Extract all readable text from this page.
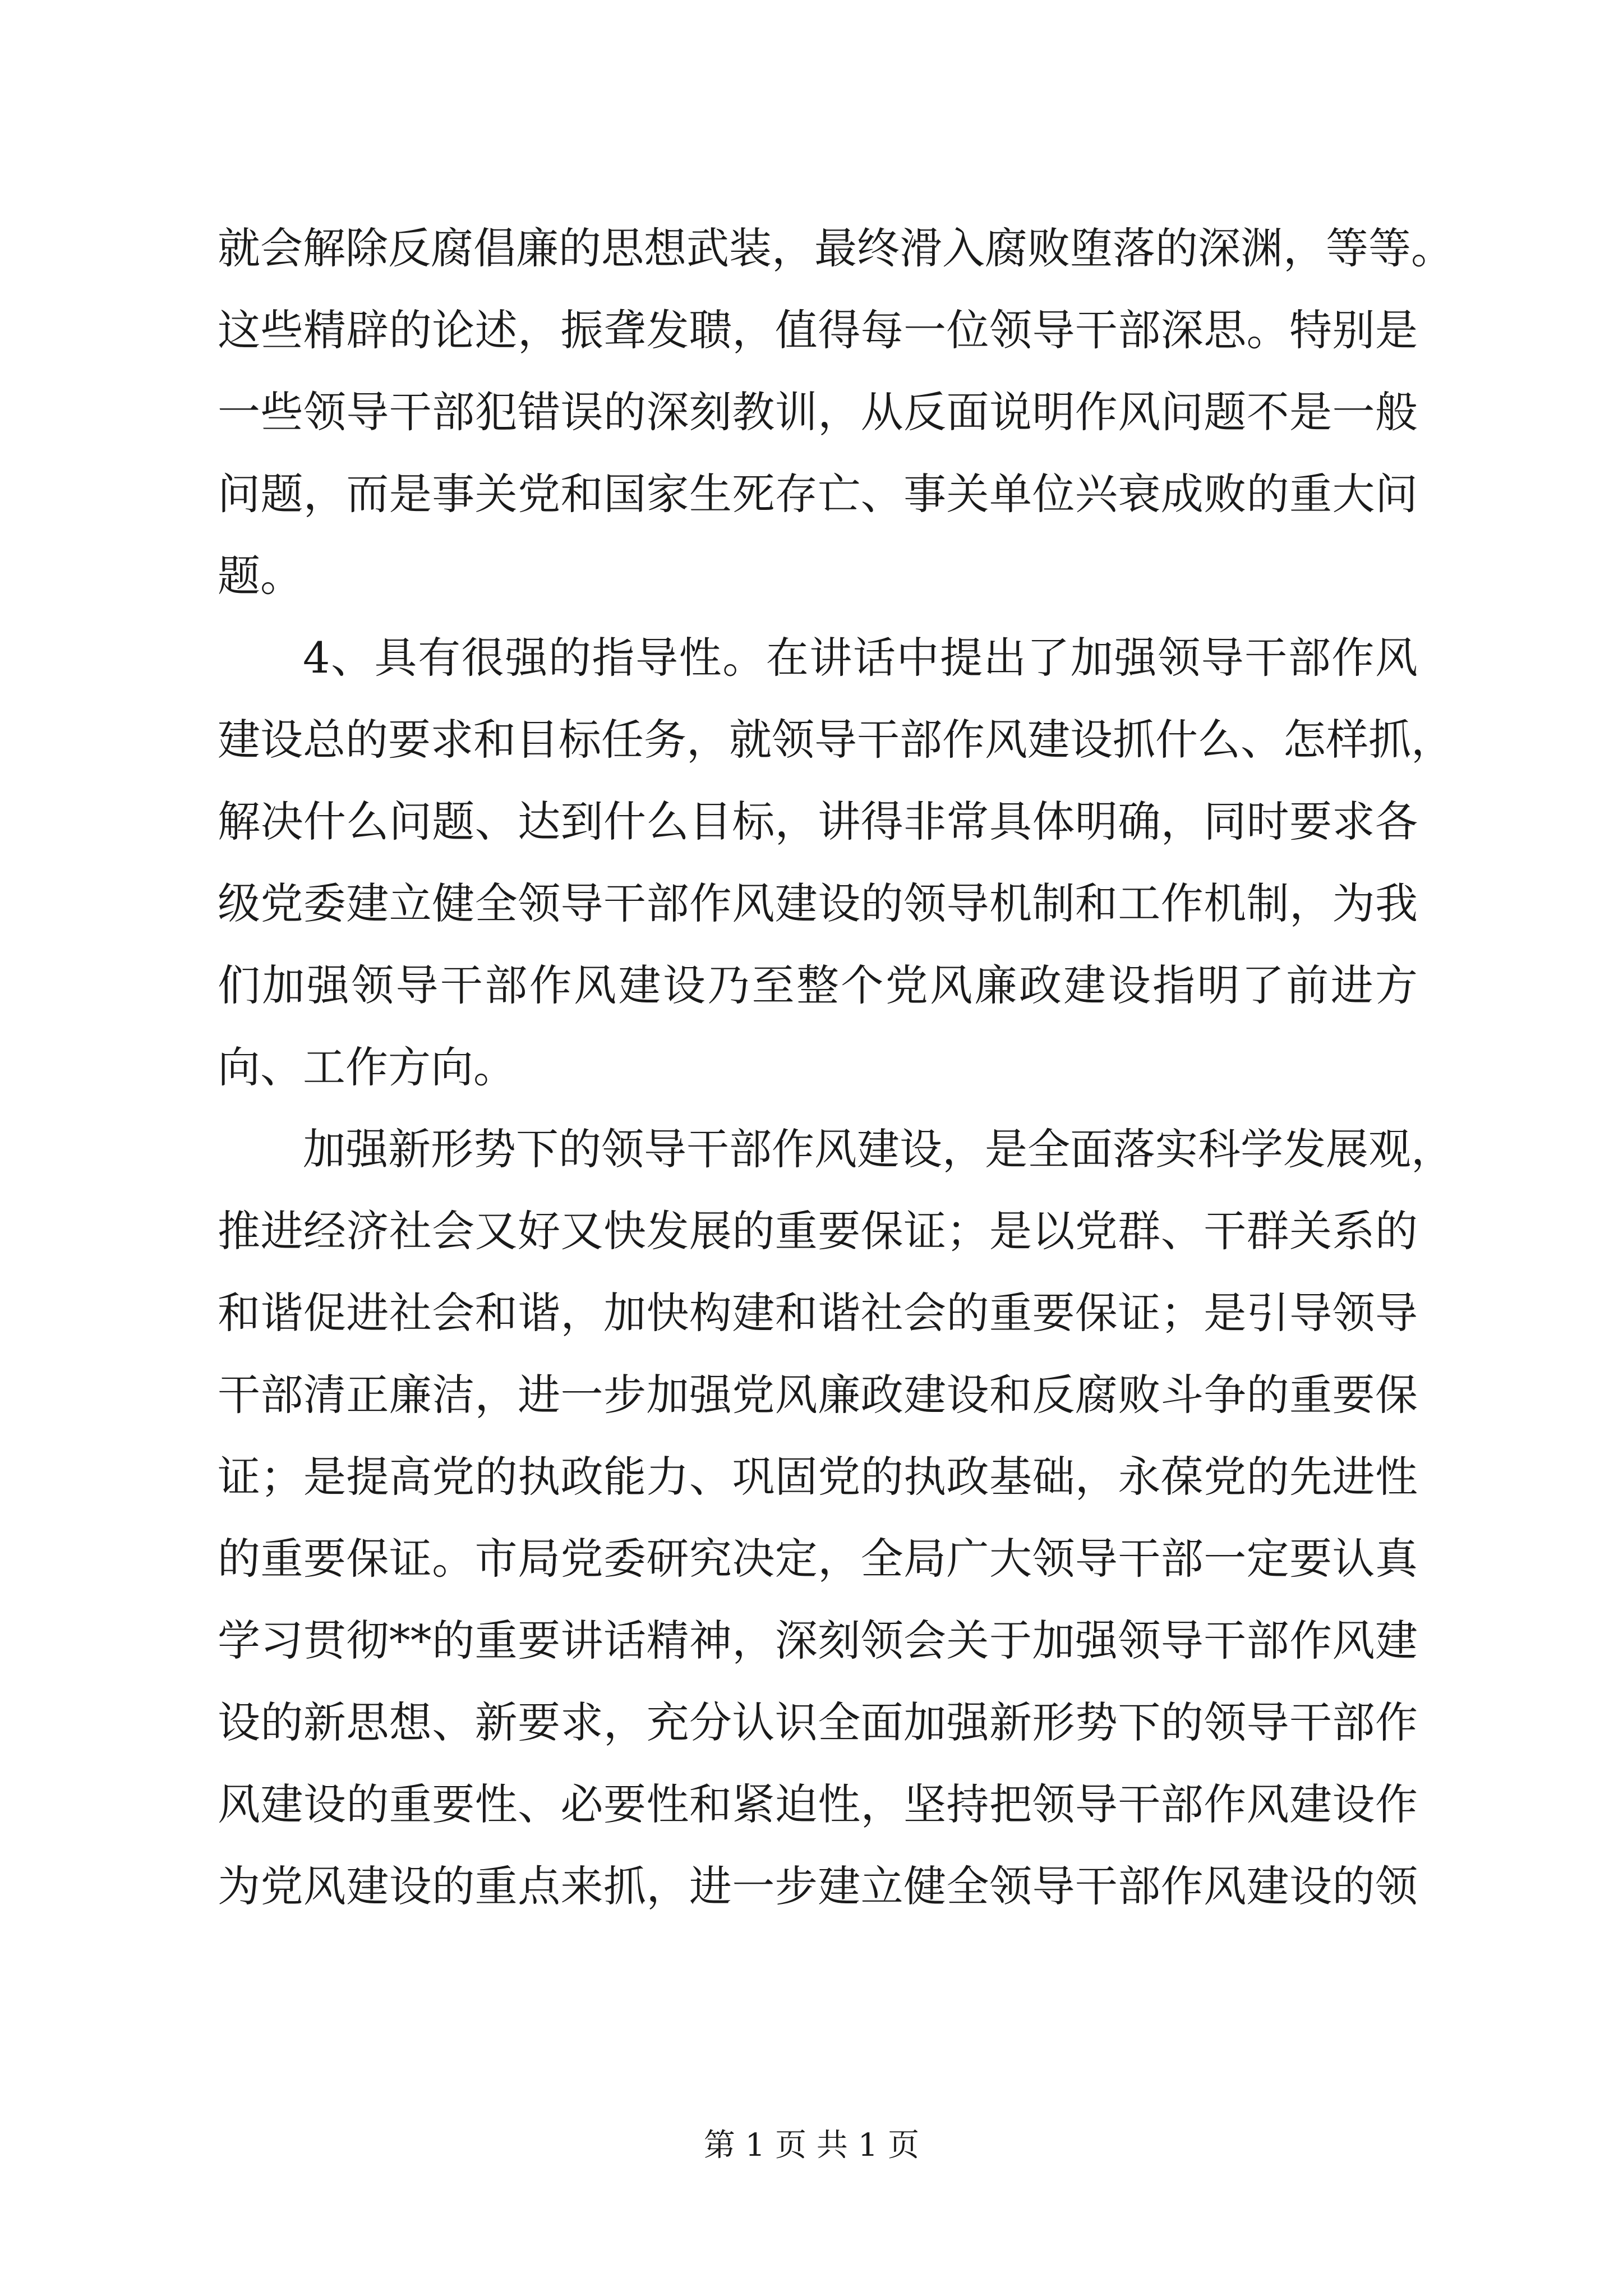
就会解除反腐倡廉的思想武装，最终滑入腐败堕落的深渊，等等。
这些精辟的论述，振聋发聩，值得每一位领导干部深思。特别是
一些领导干部犯错误的深刻教训，从反面说明作风问题不是一般
问题，而是事关党和国家生死存亡、事关单位兴衰成败的重大问
题。
4、具有很强的指导性。在讲话中提出了加强领导干部作风
建设总的要求和目标任务，就领导干部作风建设抓什么、怎样抓，
解决什么问题、达到什么目标，讲得非常具体明确，同时要求各
级党委建立健全领导干部作风建设的领导机制和工作机制，为我
们加强领导干部作风建设乃至整个党风廉政建设指明了前进方
向、工作方向。
加强新形势下的领导干部作风建设，是全面落实科学发展观，
推进经济社会又好又快发展的重要保证；是以党群、干群关系的
和谐促进社会和谐，加快构建和谐社会的重要保证；是引导领导
干部清正廉洁，进一步加强党风廉政建设和反腐败斗争的重要保
证；是提高党的执政能力、巩固党的执政基础，永葆党的先进性
的重要保证。市局党委研究决定，全局广大领导干部一定要认真
学习贯彻**的重要讲话精神，深刻领会关于加强领导干部作风建
设的新思想、新要求，充分认识全面加强新形势下的领导干部作
风建设的重要性、必要性和紧迫性，坚持把领导干部作风建设作
为党风建设的重点来抓，进一步建立健全领导干部作风建设的领
第 1 页 共 1 页
